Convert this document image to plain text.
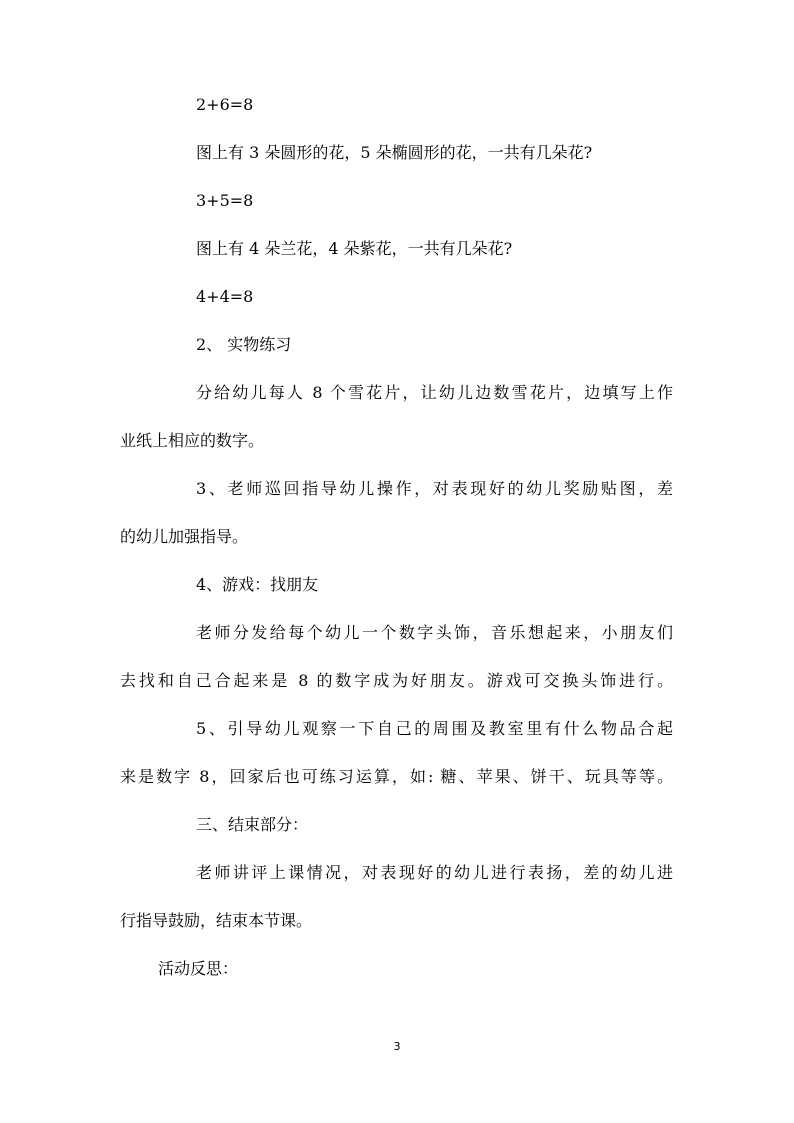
2+6=8

图上有 3 朵圆形的花，5 朵椭圆形的花，一共有几朵花?

3+5=8

图上有 4 朵兰花，4 朵紫花，一共有几朵花?

4+4=8

2、 实物练习

分给幼儿每人 8 个雪花片，让幼儿边数雪花片，边填写上作

业纸上相应的数字。

3、老师巡回指导幼儿操作，对表现好的幼儿奖励贴图，差

的幼儿加强指导。

4、游戏：找朋友

老师分发给每个幼儿一个数字头饰，音乐想起来，小朋友们

去找和自己合起来是 8 的数字成为好朋友。游戏可交换头饰进行。

5、引导幼儿观察一下自己的周围及教室里有什么物品合起

来是数字 8，回家后也可练习运算，如: 糖、苹果、饼干、玩具等等。

三、结束部分：

老师讲评上课情况，对表现好的幼儿进行表扬，差的幼儿进

行指导鼓励，结束本节课。

活动反思：

3
